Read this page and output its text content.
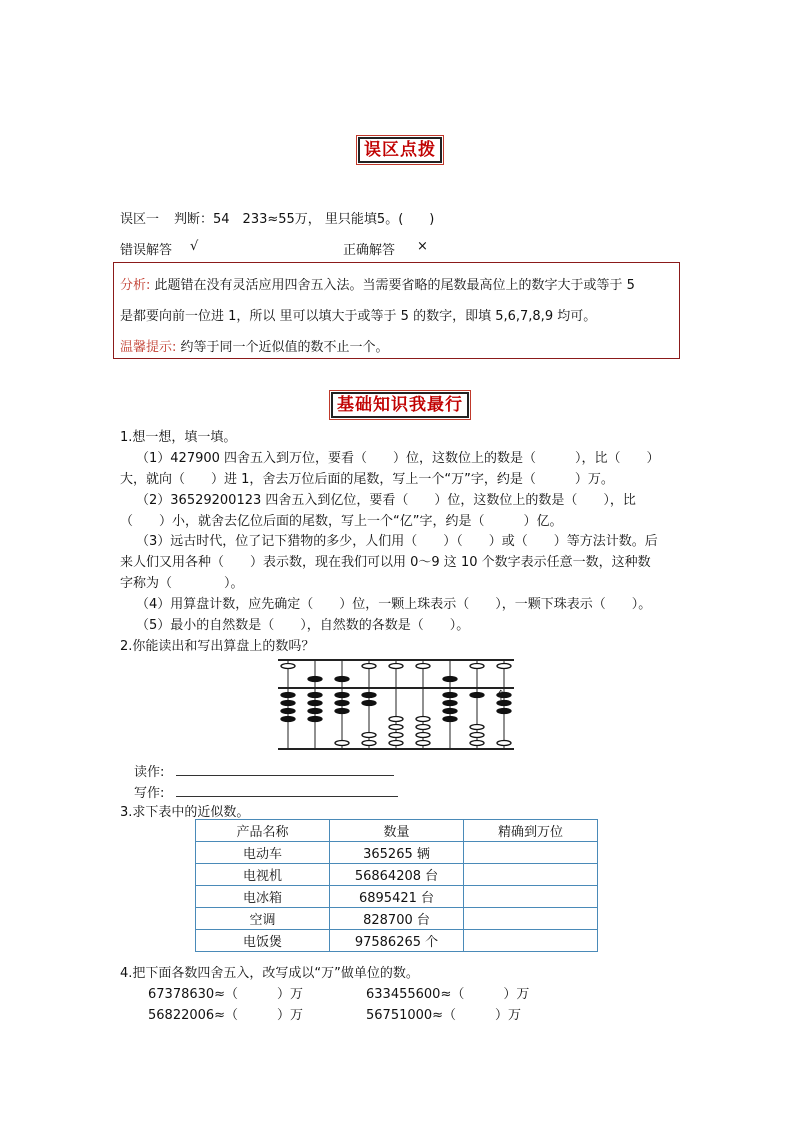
误区点拨
误区一 判断：54　233≈55万， 里只能填5。(　　)
错误解答 √	正确解答 ×
分析: 此题错在没有灵活应用四舍五入法。当需要省略的尾数最高位上的数字大于或等于 5
是都要向前一位进 1，所以 里可以填大于或等于 5 的数字，即填 5,6,7,8,9 均可。
温馨提示: 约等于同一个近似值的数不止一个。
基础知识我最行
1.想一想，填一填。
（1）427900 四舍五入到万位，要看（　　）位，这数位上的数是（　　　），比（　　）
大，就向（　　）进 1，舍去万位后面的尾数，写上一个“万”字，约是（　　　）万。
（2）36529200123 四舍五入到亿位，要看（　　）位，这数位上的数是（　　），比
（　　）小，就舍去亿位后面的尾数，写上一个“亿”字，约是（　　　）亿。
（3）远古时代，位了记下猎物的多少，人们用（　　）（　　）或（　　）等方法计数。后
来人们又用各种（　　）表示数，现在我们可以用 0～9 这 10 个数字表示任意一数，这种数
字称为（　　　　）。
（4）用算盘计数，应先确定（　　）位，一颗上珠表示（　　），一颗下珠表示（　　）。
（5）最小的自然数是（　　），自然数的各数是（　　）。
2.你能读出和写出算盘上的数吗？
读作:
写作:
3.求下表中的近似数。
产品名称	数量	精确到万位
电动车	365265 辆	
电视机	56864208 台	
电冰箱	6895421 台	
空调	828700 台	
电饭煲	97586265 个	
4.把下面各数四舍五入，改写成以“万”做单位的数。
67378630≈（　　　）万	633455600≈（　　　）万
56822006≈（　　　）万	56751000≈（　　　）万
